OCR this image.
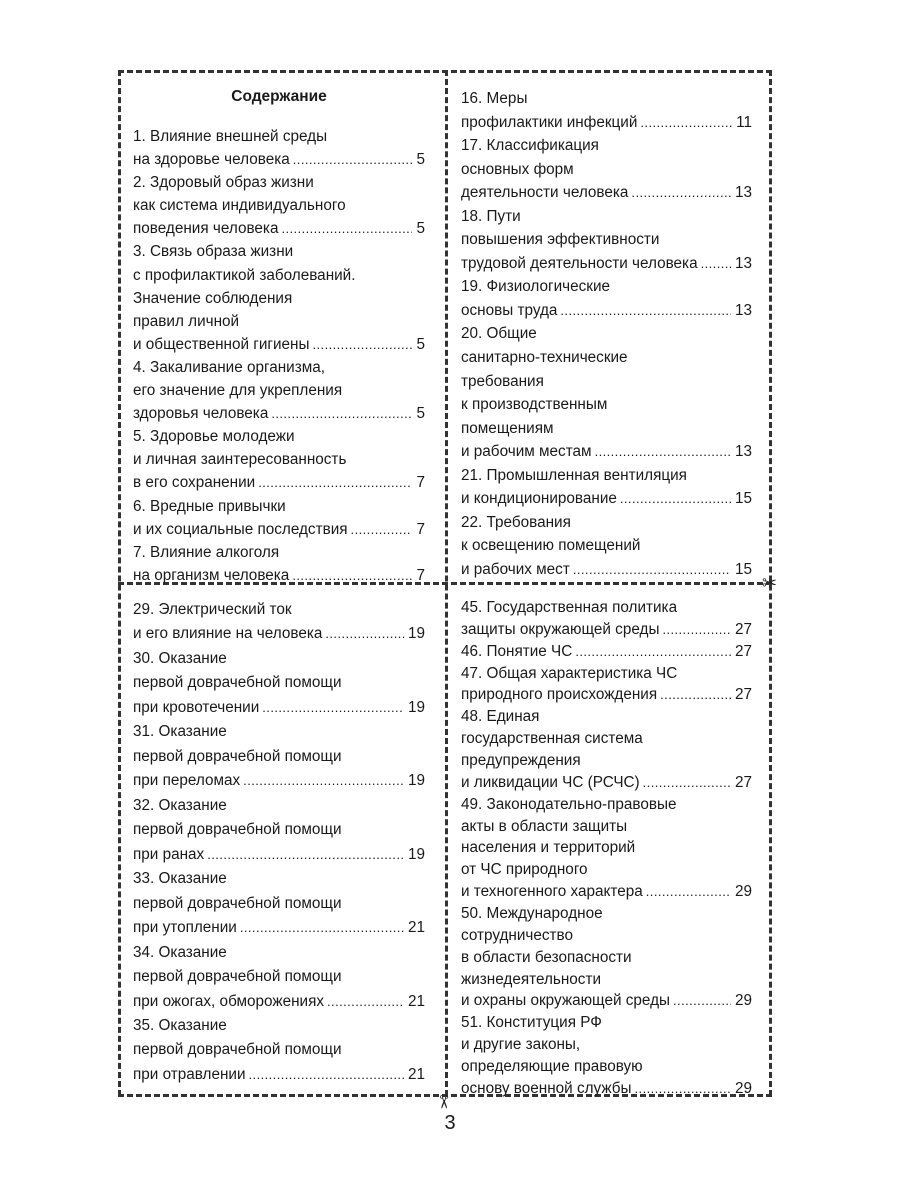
✂
✂
Содержание
1. Влияние внешней среды
на здоровье человека . . .	5
2. Здоровый образ жизни
как система индивидуального
поведения человека . . .	5
3. Связь образа жизни
с профилактикой заболеваний.
Значение соблюдения
правил личной
и общественной гигиены . . .	5
4. Закаливание организма,
его значение для укрепления
здоровья человека . . .	5
5. Здоровье молодежи
и личная заинтересованность
в его сохранении . . .	7
6. Вредные привычки
и их социальные последствия . . .	7
7. Влияние алкоголя
на организм человека . . .	7
16. Меры
профилактики инфекций . . .	11
17. Классификация
основных форм
деятельности человека . . .	13
18. Пути
повышения эффективности
трудовой деятельности человека . . . 13
19. Физиологические
основы труда . . .	13
20. Общие
санитарно-технические
требования
к производственным
помещениям
и рабочим местам . . .	13
21. Промышленная вентиляция
и кондиционирование . . .	15
22. Требования
к освещению помещений
и рабочих мест . . .	15
29. Электрический ток
и его влияние на человека . . .	19
30. Оказание
первой доврачебной помощи
при кровотечении . . .	19
31. Оказание
первой доврачебной помощи
при переломах . . .	19
32. Оказание
первой доврачебной помощи
при ранах . . .	19
33. Оказание
первой доврачебной помощи
при утоплении . . .	21
34. Оказание
первой доврачебной помощи
при ожогах, обморожениях . . .	21
35. Оказание
первой доврачебной помощи
при отравлении . . .	21
45. Государственная политика
защиты окружающей среды . . .	27
46. Понятие ЧС . . .	27
47. Общая характеристика ЧС
природного происхождения . . .	27
48. Единая
государственная система
предупреждения
и ликвидации ЧС (РСЧС) . . .	27
49. Законодательно-правовые
акты в области защиты
населения и территорий
от ЧС природного
и техногенного характера . . .	29
50. Международное
сотрудничество
в области безопасности
жизнедеятельности
и охраны окружающей среды . . .	29
51. Конституция РФ
и другие законы,
определяющие правовую
основу военной службы . . .	29
3
